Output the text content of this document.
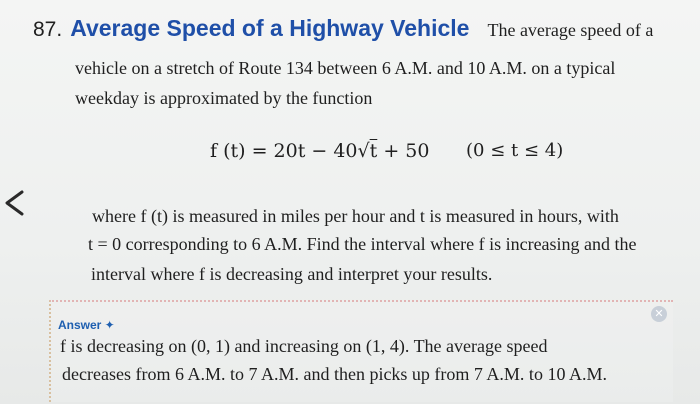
87. Average Speed of a Highway Vehicle The average speed of a
vehicle on a stretch of Route 134 between 6 A.M. and 10 A.M. on a typical
weekday is approximated by the function
f (t) = 20t − 40√t + 50 (0 ≤ t ≤ 4)
where f (t) is measured in miles per hour and t is measured in hours, with
t = 0 corresponding to 6 A.M. Find the interval where f is increasing and the
interval where f is decreasing and interpret your results.
Answer ✦
✕
f is decreasing on (0, 1) and increasing on (1, 4). The average speed
decreases from 6 A.M. to 7 A.M. and then picks up from 7 A.M. to 10 A.M.
